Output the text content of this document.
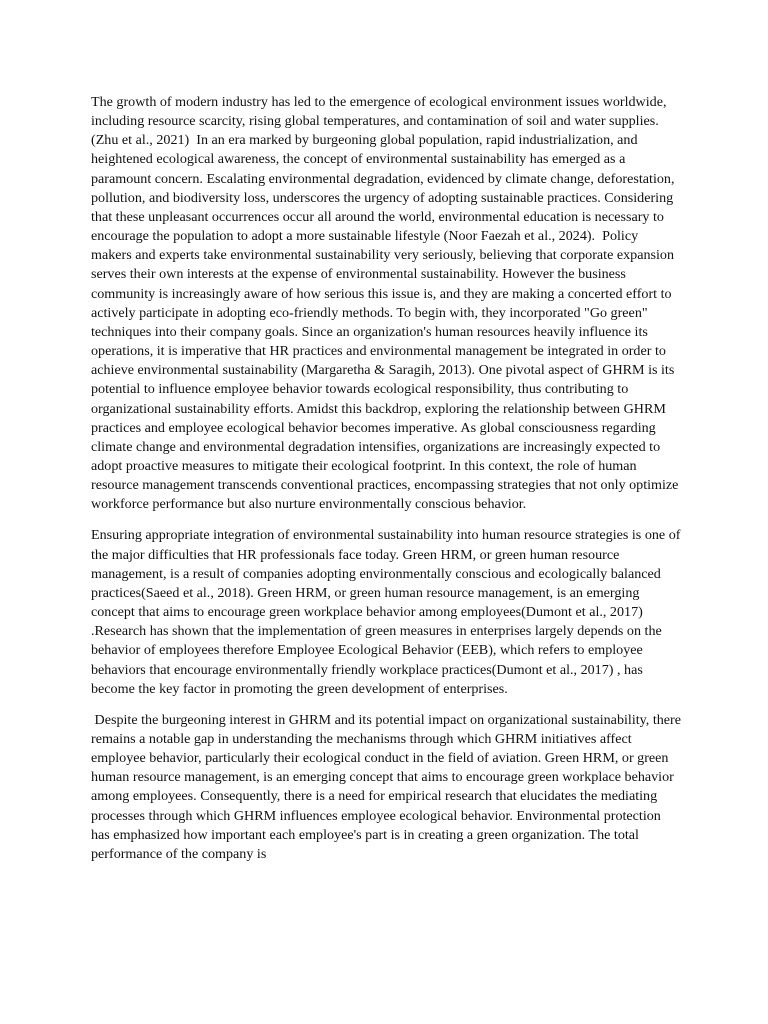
The growth of modern industry has led to the emergence of ecological environment issues worldwide, including resource scarcity, rising global temperatures, and contamination of soil and water supplies. (Zhu et al., 2021)  In an era marked by burgeoning global population, rapid industrialization, and heightened ecological awareness, the concept of environmental sustainability has emerged as a paramount concern. Escalating environmental degradation, evidenced by climate change, deforestation, pollution, and biodiversity loss, underscores the urgency of adopting sustainable practices. Considering that these unpleasant occurrences occur all around the world, environmental education is necessary to encourage the population to adopt a more sustainable lifestyle (Noor Faezah et al., 2024).  Policy makers and experts take environmental sustainability very seriously, believing that corporate expansion serves their own interests at the expense of environmental sustainability. However the business community is increasingly aware of how serious this issue is, and they are making a concerted effort to actively participate in adopting eco-friendly methods. To begin with, they incorporated "Go green" techniques into their company goals. Since an organization's human resources heavily influence its operations, it is imperative that HR practices and environmental management be integrated in order to achieve environmental sustainability (Margaretha & Saragih, 2013). One pivotal aspect of GHRM is its potential to influence employee behavior towards ecological responsibility, thus contributing to organizational sustainability efforts. Amidst this backdrop, exploring the relationship between GHRM practices and employee ecological behavior becomes imperative. As global consciousness regarding climate change and environmental degradation intensifies, organizations are increasingly expected to adopt proactive measures to mitigate their ecological footprint. In this context, the role of human resource management transcends conventional practices, encompassing strategies that not only optimize workforce performance but also nurture environmentally conscious behavior.

Ensuring appropriate integration of environmental sustainability into human resource strategies is one of the major difficulties that HR professionals face today. Green HRM, or green human resource management, is a result of companies adopting environmentally conscious and ecologically balanced practices(Saeed et al., 2018). Green HRM, or green human resource management, is an emerging concept that aims to encourage green workplace behavior among employees(Dumont et al., 2017) .Research has shown that the implementation of green measures in enterprises largely depends on the behavior of employees therefore Employee Ecological Behavior (EEB), which refers to employee behaviors that encourage environmentally friendly workplace practices(Dumont et al., 2017) , has become the key factor in promoting the green development of enterprises.

Despite the burgeoning interest in GHRM and its potential impact on organizational sustainability, there remains a notable gap in understanding the mechanisms through which GHRM initiatives affect employee behavior, particularly their ecological conduct in the field of aviation. Green HRM, or green human resource management, is an emerging concept that aims to encourage green workplace behavior among employees. Consequently, there is a need for empirical research that elucidates the mediating processes through which GHRM influences employee ecological behavior. Environmental protection has emphasized how important each employee's part is in creating a green organization. The total performance of the company is
